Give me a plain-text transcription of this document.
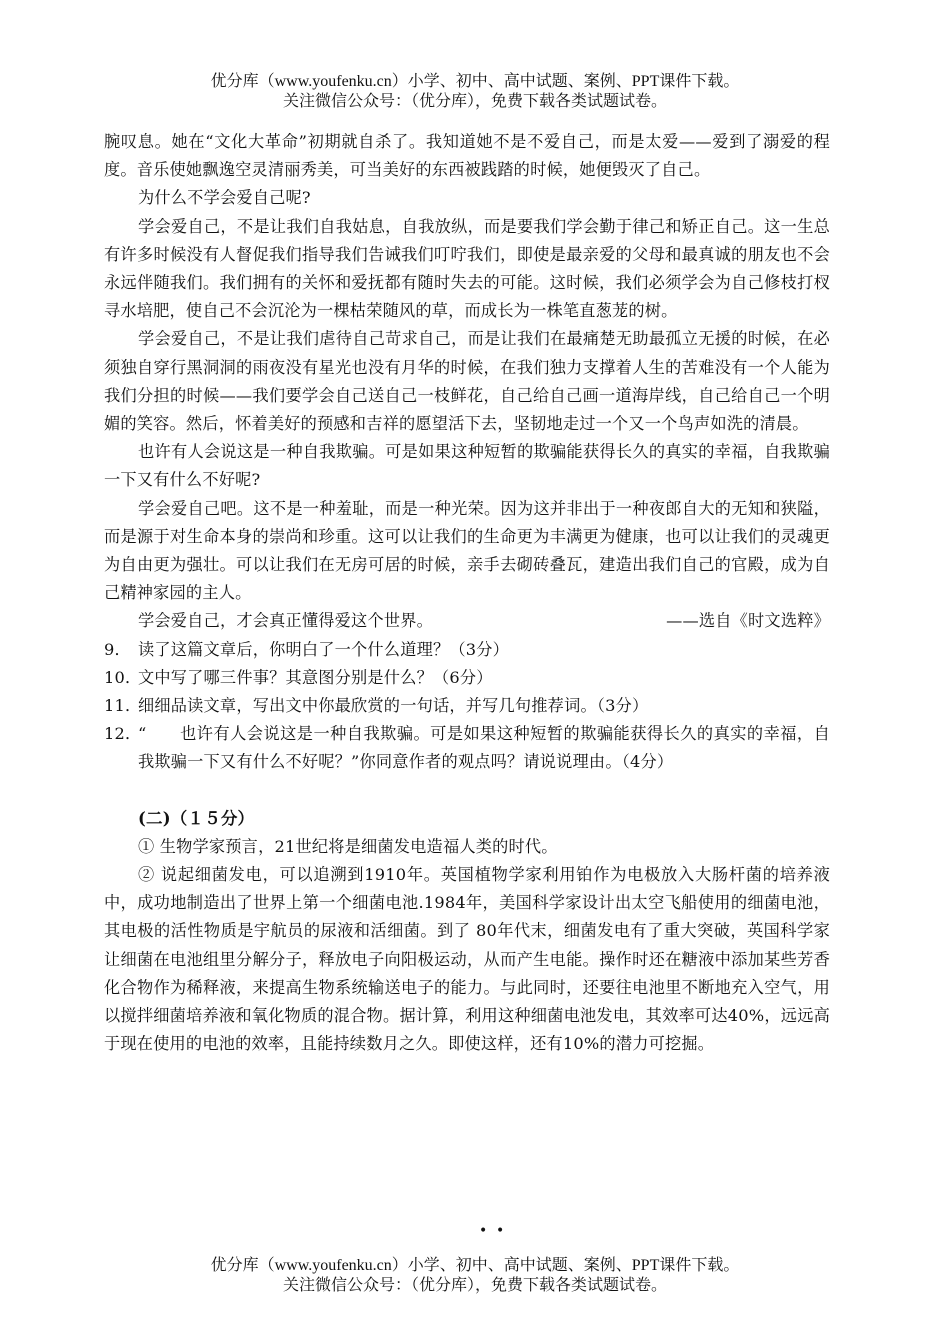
优分库（www.youfenku.cn）小学、初中、高中试题、案例、PPT课件下载。
关注微信公众号：（优分库），免费下载各类试题试卷。

腕叹息。她在“文化大革命”初期就自杀了。我知道她不是不爱自己，而是太爱——爱到了溺爱的程度。音乐使她飘逸空灵清丽秀美，可当美好的东西被践踏的时候，她便毁灭了自己。

为什么不学会爱自己呢?

学会爱自己，不是让我们自我姑息，自我放纵，而是要我们学会勤于律己和矫正自己。这一生总有许多时候没有人督促我们指导我们告诫我们叮咛我们，即使是最亲爱的父母和最真诚的朋友也不会永远伴随我们。我们拥有的关怀和爱抚都有随时失去的可能。这时候，我们必须学会为自己修枝打杈寻水培肥，使自己不会沉沦为一棵枯荣随风的草，而成长为一株笔直葱茏的树。

学会爱自己，不是让我们虐待自己苛求自己，而是让我们在最痛楚无助最孤立无援的时候，在必须独自穿行黑洞洞的雨夜没有星光也没有月华的时候，在我们独力支撑着人生的苦难没有一个人能为我们分担的时候——我们要学会自己送自己一枝鲜花，自己给自己画一道海岸线，自己给自己一个明媚的笑容。然后，怀着美好的预感和吉祥的愿望活下去，坚韧地走过一个又一个鸟声如洗的清晨。

也许有人会说这是一种自我欺骗。可是如果这种短暂的欺骗能获得长久的真实的幸福，自我欺骗一下又有什么不好呢?

学会爱自己吧。这不是一种羞耻，而是一种光荣。因为这并非出于一种夜郎自大的无知和狭隘，而是源于对生命本身的崇尚和珍重。这可以让我们的生命更为丰满更为健康，也可以让我们的灵魂更为自由更为强壮。可以让我们在无房可居的时候，亲手去砌砖叠瓦，建造出我们自己的官殿，成为自己精神家园的主人。

学会爱自己，才会真正懂得爱这个世界。	——选自《时文选粹》

9． 读了这篇文章后，你明白了一个什么道理？（3分）

10．文中写了哪三件事？其意图分别是什么？（6分）

11．细细品读文章，写出文中你最欣赏的一句话，并写几句推荐词。（3分）

12．“　　也许有人会说这是一种自我欺骗。可是如果这种短暂的欺骗能获得长久的真实的幸福，自我欺骗一下又有什么不好呢？”你同意作者的观点吗？请说说理由。（4分）

(二)（１５分）

① 生物学家预言，21世纪将是细菌发电造福人类的时代。

② 说起细菌发电，可以追溯到1910年。英国植物学家利用铂作为电极放入大肠杆菌的培养液中，成功地制造出了世界上第一个细菌电池.1984年，美国科学家设计出太空飞船使用的细菌电池，其电极的活性物质是宇航员的尿液和活细菌。到了 80年代末，细菌发电有了重大突破，英国科学家让细菌在电池组里分解分子，释放电子向阳极运动，从而产生电能。操作时还在糖液中添加某些芳香化合物作为稀释液，来提高生物系统输送电子的能力。与此同时，还要往电池里不断地充入空气，用以搅拌细菌培养液和氧化物质的混合物。据计算，利用这种细菌电池发电，其效率可达40%，远远高于现在使用的电池的效率，且能持续数月之久。即使这样，还有10%的潜力可挖掘。

• •
优分库（www.youfenku.cn）小学、初中、高中试题、案例、PPT课件下载。
关注微信公众号：（优分库），免费下载各类试题试卷。
